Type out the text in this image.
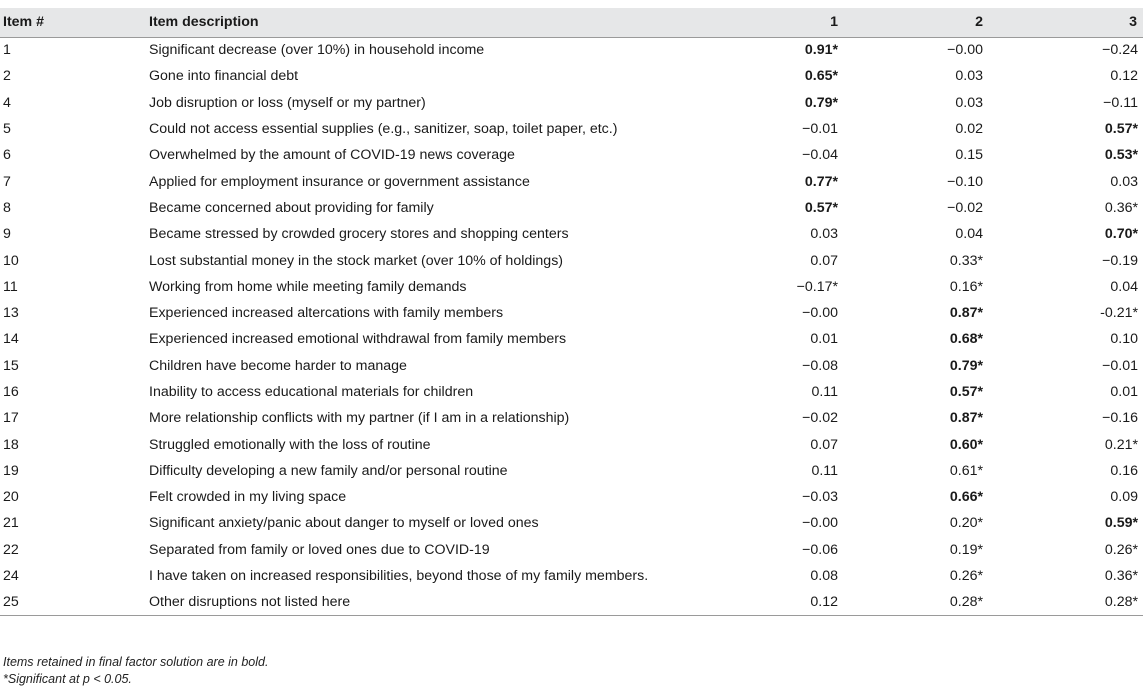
Item #	Item description	1	2	3
1	Significant decrease (over 10%) in household income	0.91*	−0.00	−0.24
2	Gone into financial debt	0.65*	0.03	0.12
4	Job disruption or loss (myself or my partner)	0.79*	0.03	−0.11
5	Could not access essential supplies (e.g., sanitizer, soap, toilet paper, etc.)	−0.01	0.02	0.57*
6	Overwhelmed by the amount of COVID-19 news coverage	−0.04	0.15	0.53*
7	Applied for employment insurance or government assistance	0.77*	−0.10	0.03
8	Became concerned about providing for family	0.57*	−0.02	0.36*
9	Became stressed by crowded grocery stores and shopping centers	0.03	0.04	0.70*
10	Lost substantial money in the stock market (over 10% of holdings)	0.07	0.33*	−0.19
11	Working from home while meeting family demands	−0.17*	0.16*	0.04
13	Experienced increased altercations with family members	−0.00	0.87*	-0.21*
14	Experienced increased emotional withdrawal from family members	0.01	0.68*	0.10
15	Children have become harder to manage	−0.08	0.79*	−0.01
16	Inability to access educational materials for children	0.11	0.57*	0.01
17	More relationship conflicts with my partner (if I am in a relationship)	−0.02	0.87*	−0.16
18	Struggled emotionally with the loss of routine	0.07	0.60*	0.21*
19	Difficulty developing a new family and/or personal routine	0.11	0.61*	0.16
20	Felt crowded in my living space	−0.03	0.66*	0.09
21	Significant anxiety/panic about danger to myself or loved ones	−0.00	0.20*	0.59*
22	Separated from family or loved ones due to COVID-19	−0.06	0.19*	0.26*
24	I have taken on increased responsibilities, beyond those of my family members.	0.08	0.26*	0.36*
25	Other disruptions not listed here	0.12	0.28*	0.28*
Items retained in final factor solution are in bold.
*Significant at p < 0.05.
